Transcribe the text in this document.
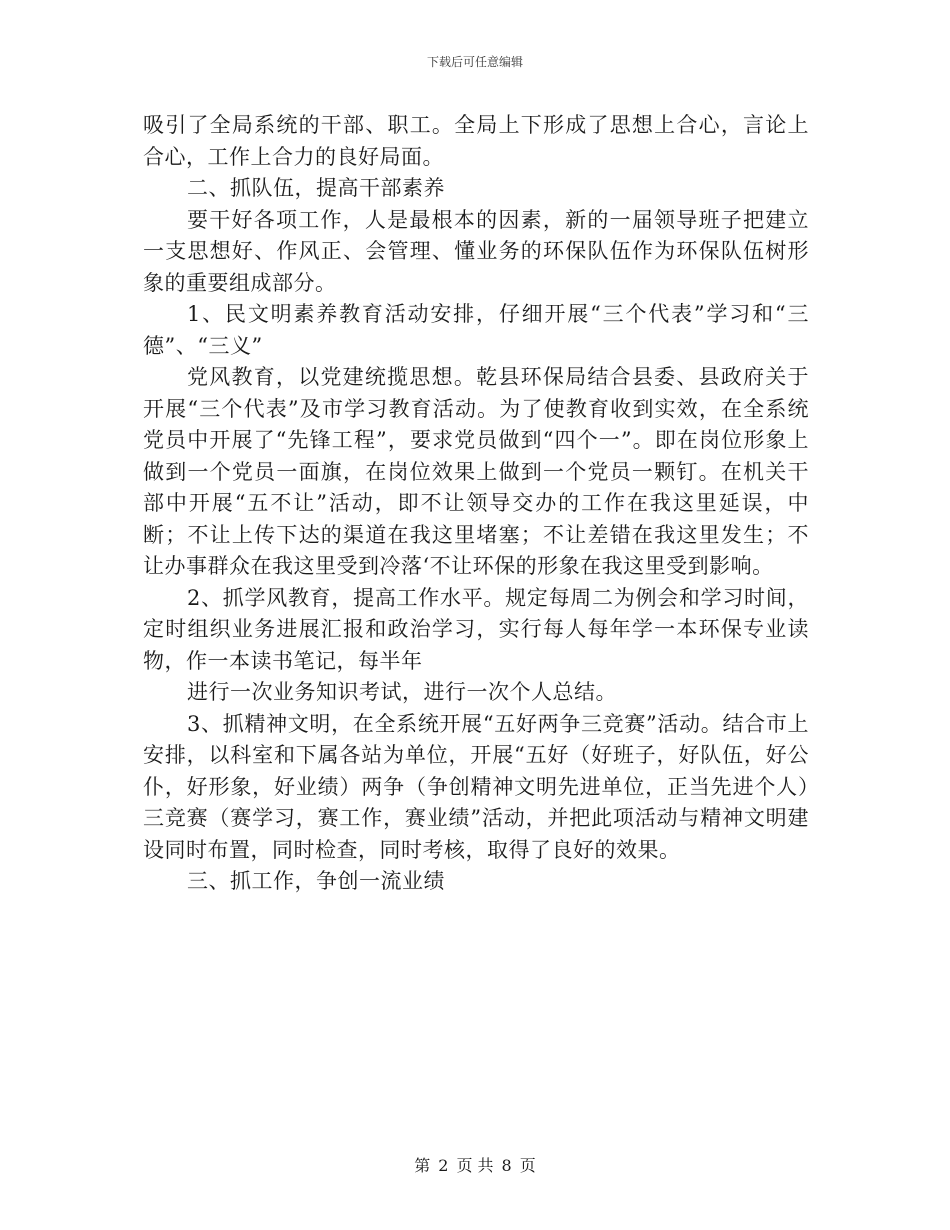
下载后可任意编辑

吸引了全局系统的干部、职工。全局上下形成了思想上合心，言论上合心，工作上合力的良好局面。

二、抓队伍，提高干部素养

要干好各项工作，人是最根本的因素，新的一届领导班子把建立一支思想好、作风正、会管理、懂业务的环保队伍作为环保队伍树形象的重要组成部分。

1、民文明素养教育活动安排，仔细开展“三个代表”学习和“三德”、“三义”

党风教育，以党建统揽思想。乾县环保局结合县委、县政府关于开展“三个代表”及市学习教育活动。为了使教育收到实效，在全系统党员中开展了“先锋工程”，要求党员做到“四个一”。即在岗位形象上做到一个党员一面旗，在岗位效果上做到一个党员一颗钉。在机关干部中开展“五不让”活动，即不让领导交办的工作在我这里延误，中断；不让上传下达的渠道在我这里堵塞；不让差错在我这里发生；不让办事群众在我这里受到冷落‘不让环保的形象在我这里受到影响。

2、抓学风教育，提高工作水平。规定每周二为例会和学习时间，定时组织业务进展汇报和政治学习，实行每人每年学一本环保专业读物，作一本读书笔记，每半年

进行一次业务知识考试，进行一次个人总结。

3、抓精神文明，在全系统开展“五好两争三竞赛”活动。结合市上安排，以科室和下属各站为单位，开展“五好（好班子，好队伍，好公仆，好形象，好业绩）两争（争创精神文明先进单位，正当先进个人）三竞赛（赛学习，赛工作，赛业绩”活动，并把此项活动与精神文明建设同时布置，同时检查，同时考核，取得了良好的效果。

三、抓工作，争创一流业绩

第 2 页 共 8 页
